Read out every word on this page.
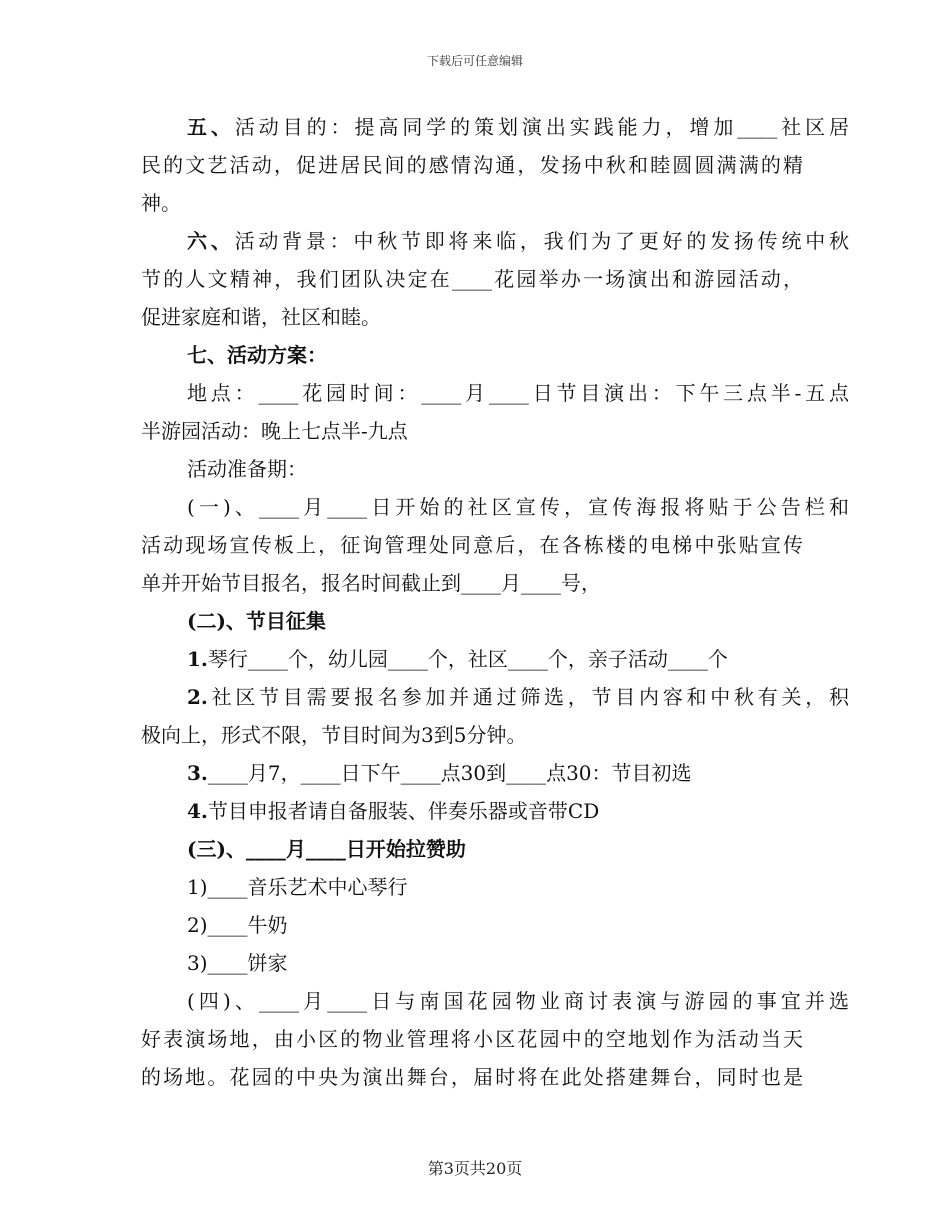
下载后可任意编辑
五、活动目的：提高同学的策划演出实践能力，增加____社区居
民的文艺活动，促进居民间的感情沟通，发扬中秋和睦圆圆满满的精
神。
六、活动背景：中秋节即将来临，我们为了更好的发扬传统中秋
节的人文精神，我们团队决定在____花园举办一场演出和游园活动，
促进家庭和谐，社区和睦。
七、活动方案：
地点：____花园时间：____月____日节目演出：下午三点半-五点
半游园活动：晚上七点半-九点
活动准备期：
(一)、____月____日开始的社区宣传，宣传海报将贴于公告栏和
活动现场宣传板上，征询管理处同意后，在各栋楼的电梯中张贴宣传
单并开始节目报名，报名时间截止到____月____号，
(二)、节目征集
1.琴行____个，幼儿园____个，社区____个，亲子活动____个
2.社区节目需要报名参加并通过筛选，节目内容和中秋有关，积
极向上，形式不限，节目时间为3到5分钟。
3.____月7，____日下午____点30到____点30：节目初选
4.节目申报者请自备服装、伴奏乐器或音带CD
(三)、____月____日开始拉赞助
1)____音乐艺术中心琴行
2)____牛奶
3)____饼家
(四)、____月____日与南国花园物业商讨表演与游园的事宜并选
好表演场地，由小区的物业管理将小区花园中的空地划作为活动当天
的场地。花园的中央为演出舞台，届时将在此处搭建舞台，同时也是
第3页共20页
